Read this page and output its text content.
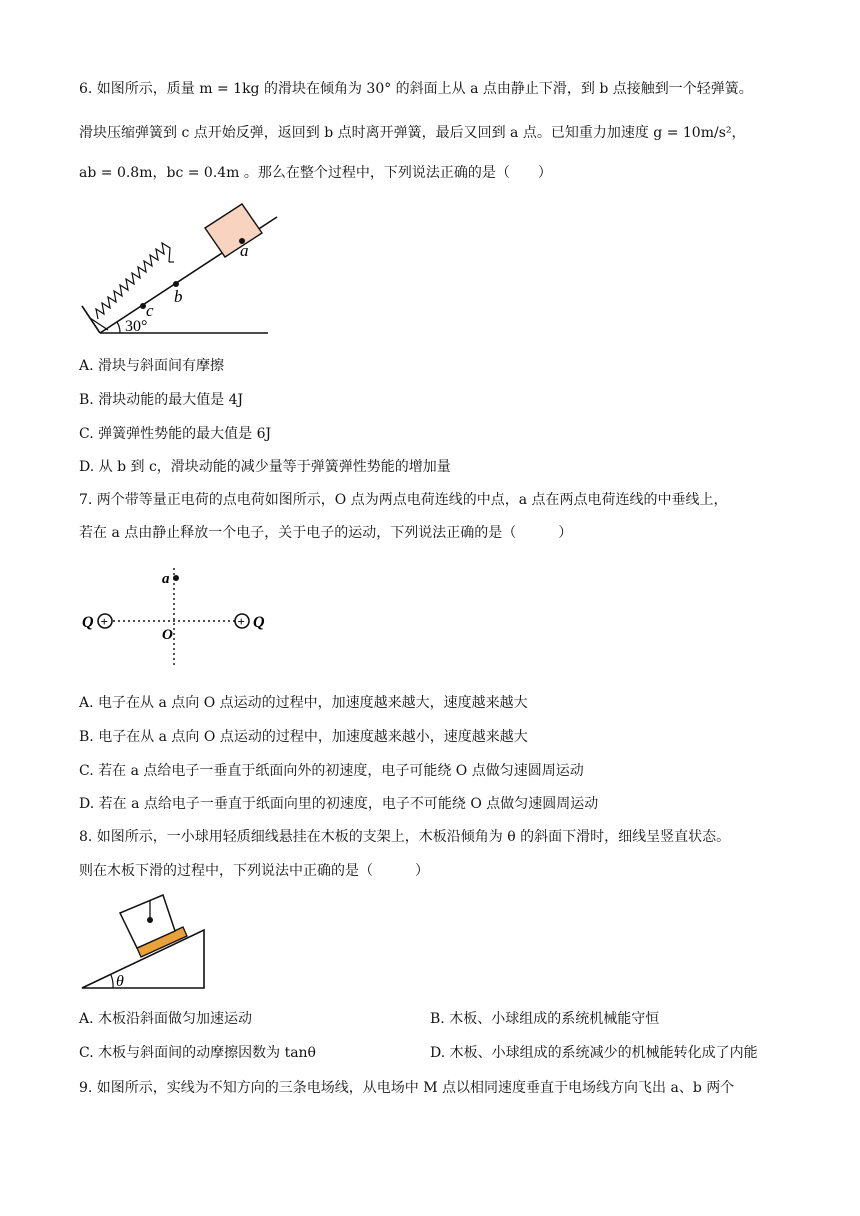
6. 如图所示，质量 m = 1kg 的滑块在倾角为 30° 的斜面上从 a 点由静止下滑，到 b 点接触到一个轻弹簧。
滑块压缩弹簧到 c 点开始反弹，返回到 b 点时离开弹簧，最后又回到 a 点。已知重力加速度 g = 10m/s²，
ab = 0.8m，bc = 0.4m 。那么在整个过程中，下列说法正确的是（　　）
a
b
c
30°
A. 滑块与斜面间有摩擦
B. 滑块动能的最大值是 4J
C. 弹簧弹性势能的最大值是 6J
D. 从 b 到 c，滑块动能的减少量等于弹簧弹性势能的增加量
7. 两个带等量正电荷的点电荷如图所示，O 点为两点电荷连线的中点，a 点在两点电荷连线的中垂线上，
若在 a 点由静止释放一个电子，关于电子的运动，下列说法正确的是（　　　）
a
O
+	+
Q	Q
A. 电子在从 a 点向 O 点运动的过程中，加速度越来越大，速度越来越大
B. 电子在从 a 点向 O 点运动的过程中，加速度越来越小，速度越来越大
C. 若在 a 点给电子一垂直于纸面向外的初速度，电子可能绕 O 点做匀速圆周运动
D. 若在 a 点给电子一垂直于纸面向里的初速度，电子不可能绕 O 点做匀速圆周运动
8. 如图所示，一小球用轻质细线悬挂在木板的支架上，木板沿倾角为 θ 的斜面下滑时，细线呈竖直状态。
则在木板下滑的过程中，下列说法中正确的是（　　　）
θ
A. 木板沿斜面做匀加速运动	B. 木板、小球组成的系统机械能守恒
C. 木板与斜面间的动摩擦因数为 tanθ	D. 木板、小球组成的系统减少的机械能转化成了内能
9. 如图所示，实线为不知方向的三条电场线，从电场中 M 点以相同速度垂直于电场线方向飞出 a、b 两个
